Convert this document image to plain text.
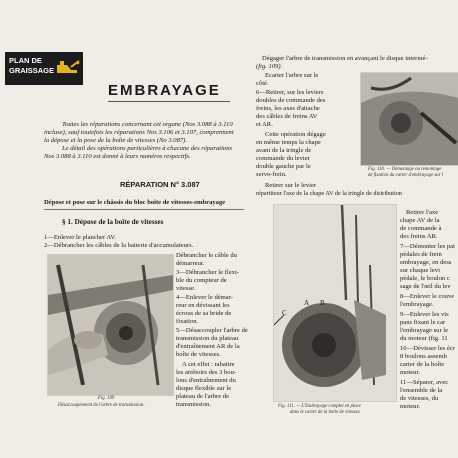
PLAN DE
GRAISSAGE
EMBRAYAGE
Toutes les réparations concernant cet organe (Nos 3.088 à 3.110
incluse), sauf toutefois les réparations Nos 3.106 et 3.107, comprennent
la dépose et la pose de la boîte de vitesses (No 3.087).
Le détail des opérations particulières à chacune des réparations
Nos 3.088 à 3.110 est donné à leurs numéros respectifs.
RÉPARATION N° 3.087
Dépose et pose sur le châssis du bloc boîte de vitesses-embrayage
§ 1. Dépose de la boîte de vitesses
1—Enlever le plancher AV.
2—Débrancher les câbles de la batterie d'accumulateurs.
Fig. 109
Désaccouplement de l'arbre de transmission.
Débrancher le câble du
démarreur.
3—Débrancher le flexi-
ble du compteur de
vitesse.
4—Enlever le démar-
reur en dévissant les
écrous de sa bride de
fixation.
5—Désaccoupler l'arbre de
transmission du plateau
d'entraînement AR de la
boîte de vitesses.
A cet effet : rabattre
les arrêtoirs des 3 bou-
lons d'entraînement du
disque flexible sur le
plateau de l'arbre de
transmission.
Dégager l'arbre de transmission en avançant le disque intermé-
(fig. 109).
Ecarter l'arbre sur le
côté.
6—Retirer, sur les leviers
doubles de commande des
freins, les axes d'attache
des câbles de freins AV
et AR.
Cette opération dégage
en même temps la chape
avant de la tringle de
commande du levier
double gauche par le
servo-frein.
Retirer sur le levier
répartiteur l'axe de la chape AV de la tringle de distribution
Fig. 110. — Démontage ou remontage
de fixation du carter d'embrayage sur l
C
A B
Fig. 111. — L'Embrayage complet en place
dans le carter de la boîte de vitesses
Retirer l'axe
chape AV de la
de commande à
des freins AR.
7—Démonter les pat
pédales de frein
embrayage, en dess
sur chaque levi
pédale, le boulon c
sage de l'œil du lev
8—Enlever le couve
l'embrayage.
9—Enlever les vis
pans fixant le car
l'embrayage sur le
du moteur (fig. 11
10—Dévisser les écr
8 boulons assemb
carter de la boîte
moteur.
11—Séparer, avec
l'ensemble de la
de vitesses, du
moteur.
